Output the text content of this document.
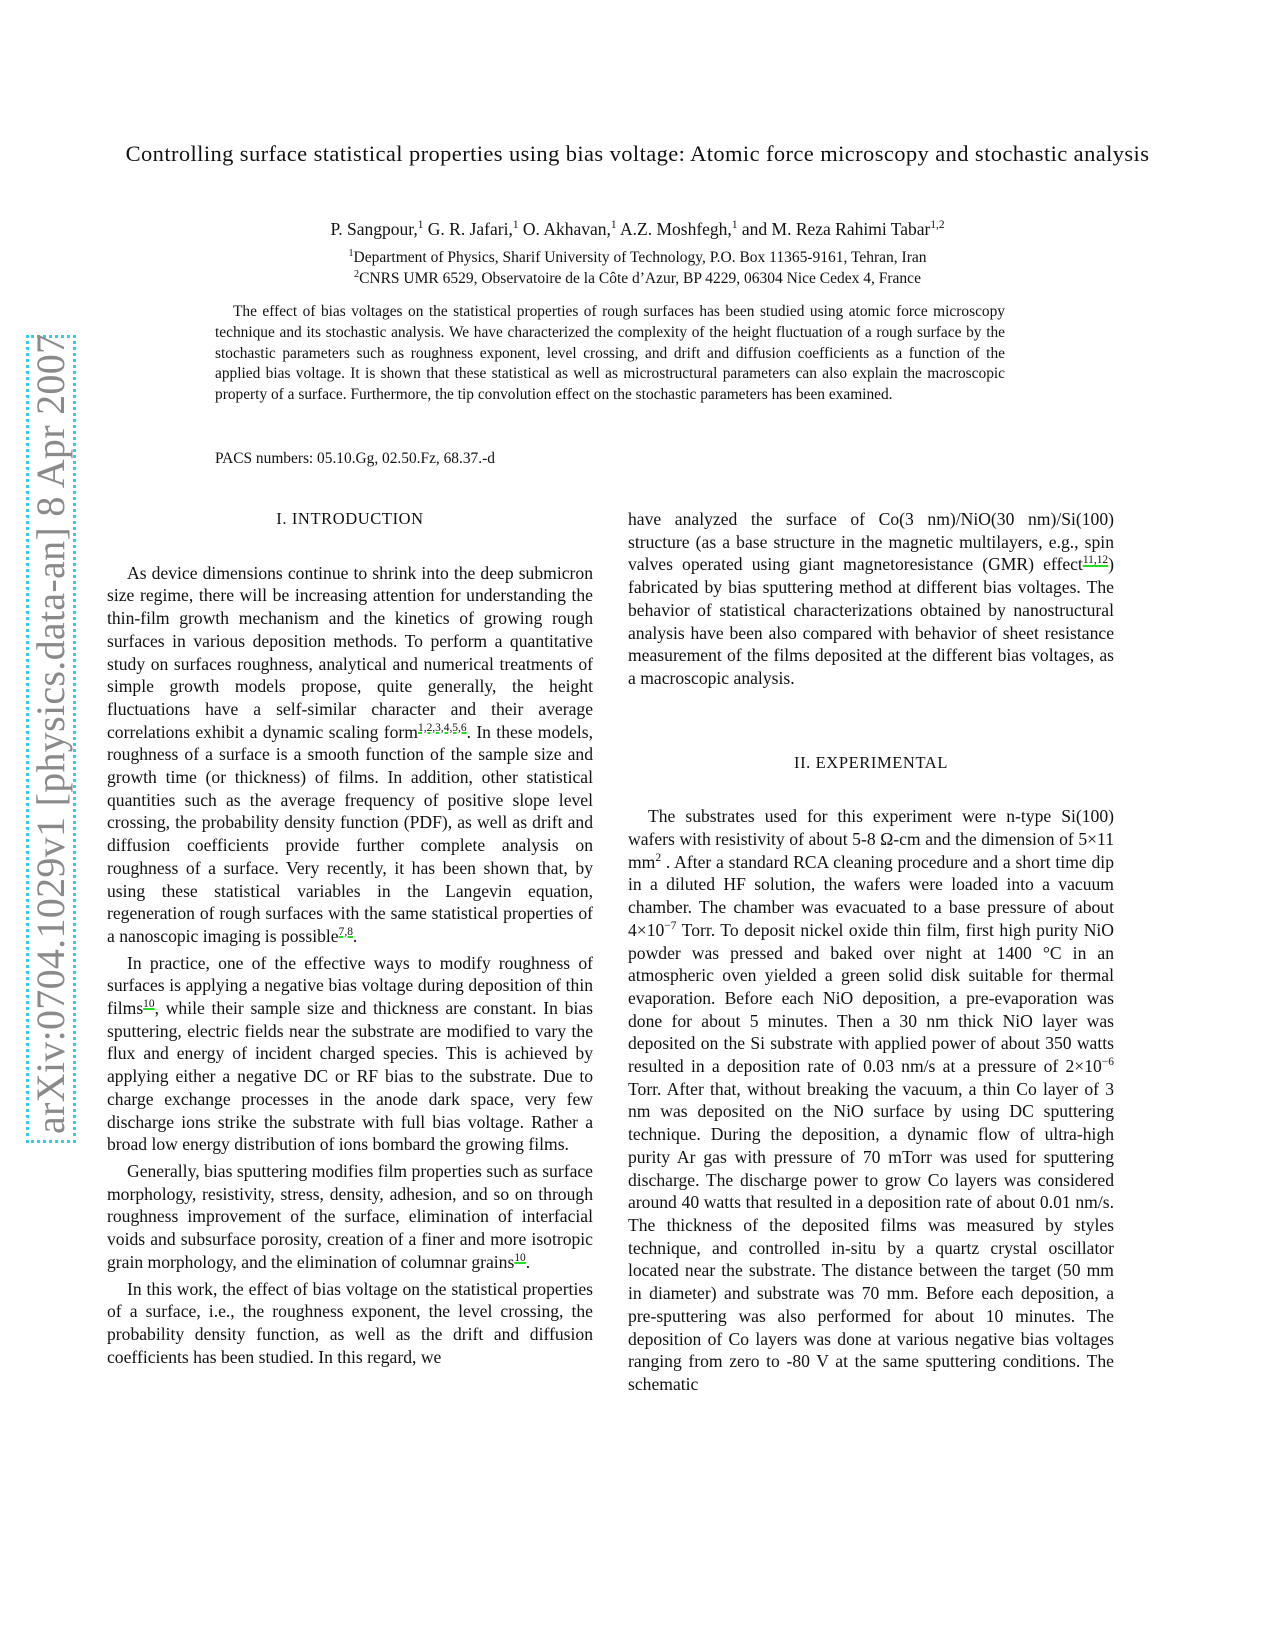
arXiv:0704.1029v1 [physics.data-an] 8 Apr 2007
Controlling surface statistical properties using bias voltage: Atomic force microscopy and stochastic analysis
P. Sangpour,$^1$ G. R. Jafari,$^1$ O. Akhavan,$^1$ A.Z. Moshfegh,$^1$ and M. Reza Rahimi Tabar$^{1,2}$
$^1$Department of Physics, Sharif University of Technology, P.O. Box 11365-9161, Tehran, Iran
$^2$CNRS UMR 6529, Observatoire de la Côte d’Azur, BP 4229, 06304 Nice Cedex 4, France
The effect of bias voltages on the statistical properties of rough surfaces has been studied using atomic force microscopy technique and its stochastic analysis. We have characterized the complexity of the height fluctuation of a rough surface by the stochastic parameters such as roughness exponent, level crossing, and drift and diffusion coefficients as a function of the applied bias voltage. It is shown that these statistical as well as microstructural parameters can also explain the macroscopic property of a surface. Furthermore, the tip convolution effect on the stochastic parameters has been examined.
PACS numbers: 05.10.Gg, 02.50.Fz, 68.37.-d
I. INTRODUCTION

As device dimensions continue to shrink into the deep submicron size regime, there will be increasing attention for understanding the thin-film growth mechanism and the kinetics of growing rough surfaces in various deposition methods. To perform a quantitative study on surfaces roughness, analytical and numerical treatments of simple growth models propose, quite generally, the height fluctuations have a self-similar character and their average correlations exhibit a dynamic scaling form$^{1,2,3,4,5,6}$. In these models, roughness of a surface is a smooth function of the sample size and growth time (or thickness) of films. In addition, other statistical quantities such as the average frequency of positive slope level crossing, the probability density function (PDF), as well as drift and diffusion coefficients provide further complete analysis on roughness of a surface. Very recently, it has been shown that, by using these statistical variables in the Langevin equation, regeneration of rough surfaces with the same statistical properties of a nanoscopic imaging is possible$^{7,8}$.

In practice, one of the effective ways to modify roughness of surfaces is applying a negative bias voltage during deposition of thin films$^{10}$, while their sample size and thickness are constant. In bias sputtering, electric fields near the substrate are modified to vary the flux and energy of incident charged species. This is achieved by applying either a negative DC or RF bias to the substrate. Due to charge exchange processes in the anode dark space, very few discharge ions strike the substrate with full bias voltage. Rather a broad low energy distribution of ions bombard the growing films.

Generally, bias sputtering modifies film properties such as surface morphology, resistivity, stress, density, adhesion, and so on through roughness improvement of the surface, elimination of interfacial voids and subsurface porosity, creation of a finer and more isotropic grain morphology, and the elimination of columnar grains$^{10}$.

In this work, the effect of bias voltage on the statistical properties of a surface, i.e., the roughness exponent, the level crossing, the probability density function, as well as the drift and diffusion coefficients has been studied. In this regard, we

have analyzed the surface of Co(3 nm)/NiO(30 nm)/Si(100) structure (as a base structure in the magnetic multilayers, e.g., spin valves operated using giant magnetoresistance (GMR) effect$^{11,12}$) fabricated by bias sputtering method at different bias voltages. The behavior of statistical characterizations obtained by nanostructural analysis have been also compared with behavior of sheet resistance measurement of the films deposited at the different bias voltages, as a macroscopic analysis.

II. EXPERIMENTAL

The substrates used for this experiment were n-type Si(100) wafers with resistivity of about 5-8 Ω-cm and the dimension of 5×11 $mm^2$ . After a standard RCA cleaning procedure and a short time dip in a diluted HF solution, the wafers were loaded into a vacuum chamber. The chamber was evacuated to a base pressure of about $4\times 10^{-7}$ Torr. To deposit nickel oxide thin film, first high purity NiO powder was pressed and baked over night at 1400 °C in an atmospheric oven yielded a green solid disk suitable for thermal evaporation. Before each NiO deposition, a pre-evaporation was done for about 5 minutes. Then a 30 nm thick NiO layer was deposited on the Si substrate with applied power of about 350 watts resulted in a deposition rate of 0.03 nm/s at a pressure of $2\times 10^{-6}$ Torr. After that, without breaking the vacuum, a thin Co layer of 3 nm was deposited on the NiO surface by using DC sputtering technique. During the deposition, a dynamic flow of ultra-high purity Ar gas with pressure of 70 mTorr was used for sputtering discharge. The discharge power to grow Co layers was considered around 40 watts that resulted in a deposition rate of about 0.01 nm/s. The thickness of the deposited films was measured by styles technique, and controlled in-situ by a quartz crystal oscillator located near the substrate. The distance between the target (50 mm in diameter) and substrate was 70 mm. Before each deposition, a pre-sputtering was also performed for about 10 minutes. The deposition of Co layers was done at various negative bias voltages ranging from zero to -80 V at the same sputtering conditions. The schematic
